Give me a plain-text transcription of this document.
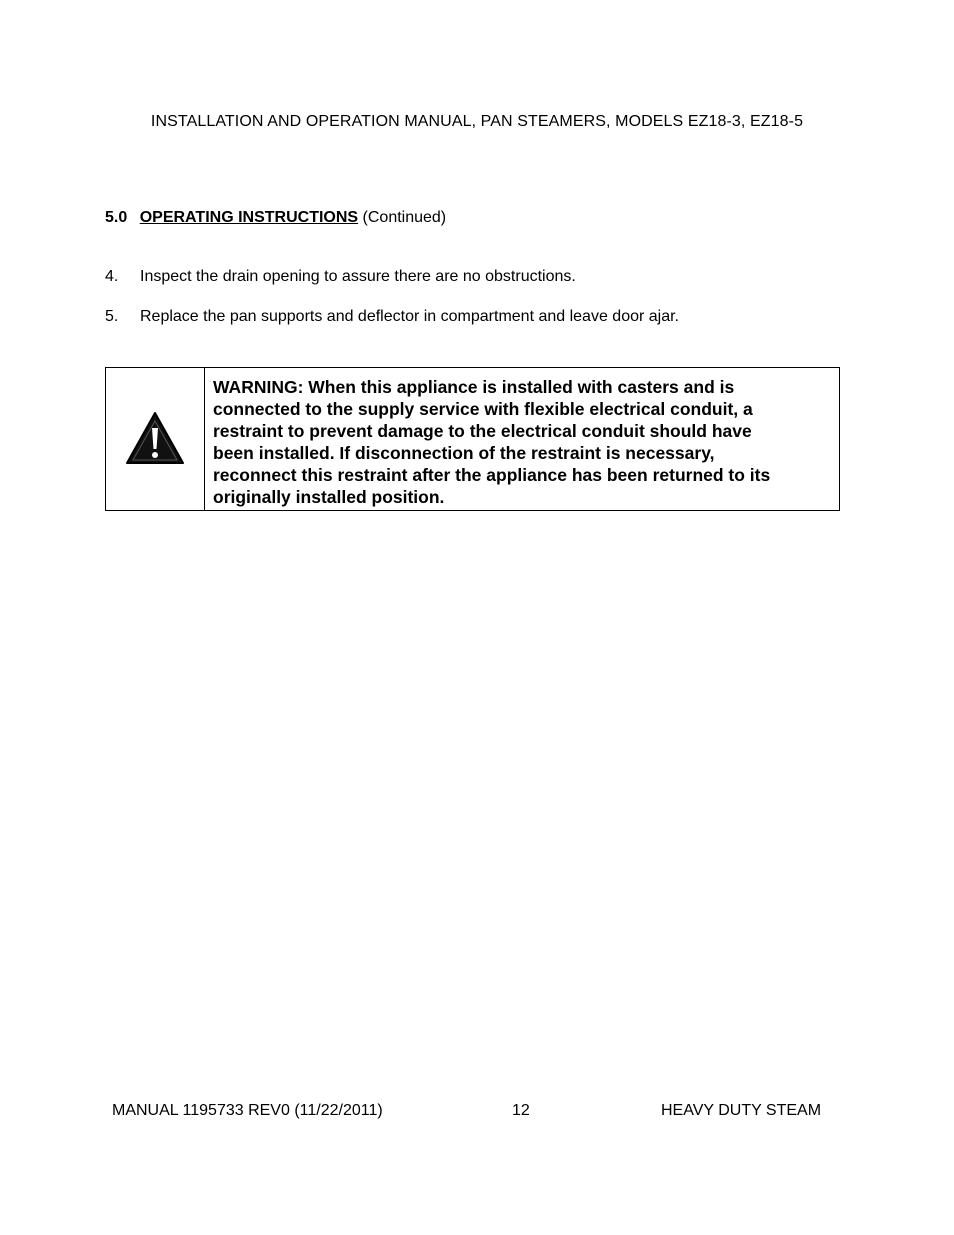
INSTALLATION AND OPERATION MANUAL, PAN STEAMERS, MODELS EZ18-3, EZ18-5
5.0 OPERATING INSTRUCTIONS (Continued)
4. Inspect the drain opening to assure there are no obstructions.
5. Replace the pan supports and deflector in compartment and leave door ajar.
WARNING: When this appliance is installed with casters and is
connected to the supply service with flexible electrical conduit, a
restraint to prevent damage to the electrical conduit should have
been installed. If disconnection of the restraint is necessary,
reconnect this restraint after the appliance has been returned to its
originally installed position.
MANUAL 1195733 REV0 (11/22/2011)	12	HEAVY DUTY STEAM
